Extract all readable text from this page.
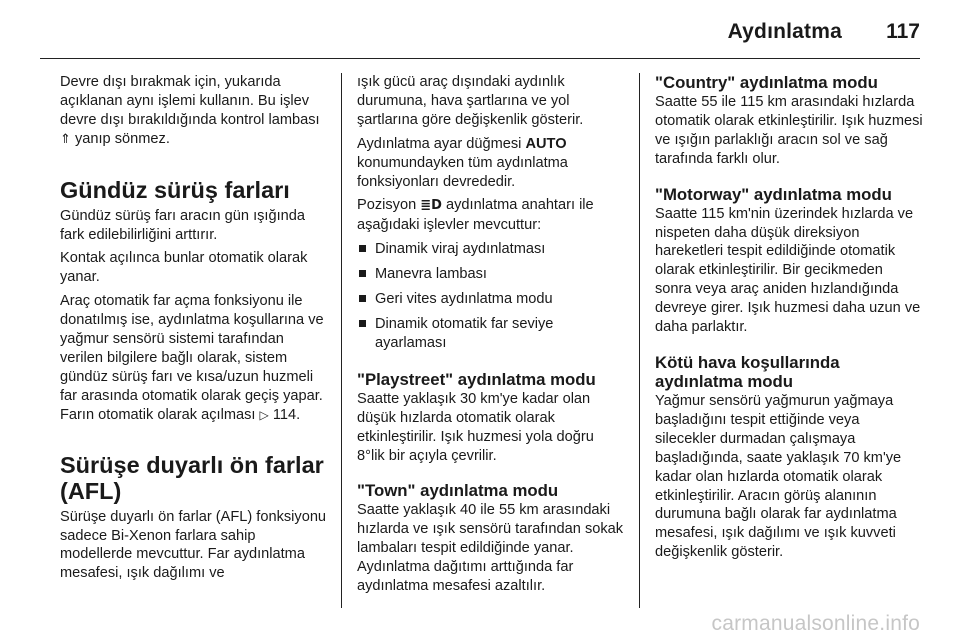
Aydınlatma 117

Devre dışı bırakmak için, yukarıda açıklanan aynı işlemi kullanın. Bu işlev devre dışı bırakıldığında kontrol lambası ⇑ yanıp sönmez.

Gündüz sürüş farları

Gündüz sürüş farı aracın gün ışığında fark edilebilirliğini arttırır.

Kontak açılınca bunlar otomatik olarak yanar.

Araç otomatik far açma fonksiyonu ile donatılmış ise, aydınlatma koşullarına ve yağmur sensörü sistemi tarafından verilen bilgilere bağlı olarak, sistem gündüz sürüş farı ve kısa/uzun huzmeli far arasında otomatik olarak geçiş yapar. Farın otomatik olarak açılması ▷ 114.

Sürüşe duyarlı ön farlar (AFL)

Sürüşe duyarlı ön farlar (AFL) fonksiyonu sadece Bi-Xenon farlara sahip modellerde mevcuttur. Far aydınlatma mesafesi, ışık dağılımı ve

ışık gücü araç dışındaki aydınlık durumuna, hava şartlarına ve yol şartlarına göre değişkenlik gösterir.

Aydınlatma ayar düğmesi AUTO konumundayken tüm aydınlatma fonksiyonları devrededir.

Pozisyon ≣D aydınlatma anahtarı ile aşağıdaki işlevler mevcuttur:

Dinamik viraj aydınlatması
Manevra lambası
Geri vites aydınlatma modu
Dinamik otomatik far seviye ayarlaması
"Playstreet" aydınlatma modu

Saatte yaklaşık 30 km'ye kadar olan düşük hızlarda otomatik olarak etkinleştirilir. Işık huzmesi yola doğru 8°lik bir açıyla çevrilir.

"Town" aydınlatma modu

Saatte yaklaşık 40 ile 55 km arasındaki hızlarda ve ışık sensörü tarafından sokak lambaları tespit edildiğinde yanar. Aydınlatma dağıtımı arttığında far aydınlatma mesafesi azaltılır.

"Country" aydınlatma modu

Saatte 55 ile 115 km arasındaki hızlarda otomatik olarak etkinleştirilir. Işık huzmesi ve ışığın parlaklığı aracın sol ve sağ tarafında farklı olur.

"Motorway" aydınlatma modu

Saatte 115 km'nin üzerindek hızlarda ve nispeten daha düşük direksiyon hareketleri tespit edildiğinde otomatik olarak etkinleştirilir. Bir gecikmeden sonra veya araç aniden hızlandığında devreye girer. Işık huzmesi daha uzun ve daha parlaktır.

Kötü hava koşullarında aydınlatma modu

Yağmur sensörü yağmurun yağmaya başladığını tespit ettiğinde veya silecekler durmadan çalışmaya başladığında, saate yaklaşık 70 km'ye kadar olan hızlarda otomatik olarak etkinleştirilir. Aracın görüş alanının durumuna bağlı olarak far aydınlatma mesafesi, ışık dağılımı ve ışık kuvveti değişkenlik gösterir.

carmanualsonline.info
